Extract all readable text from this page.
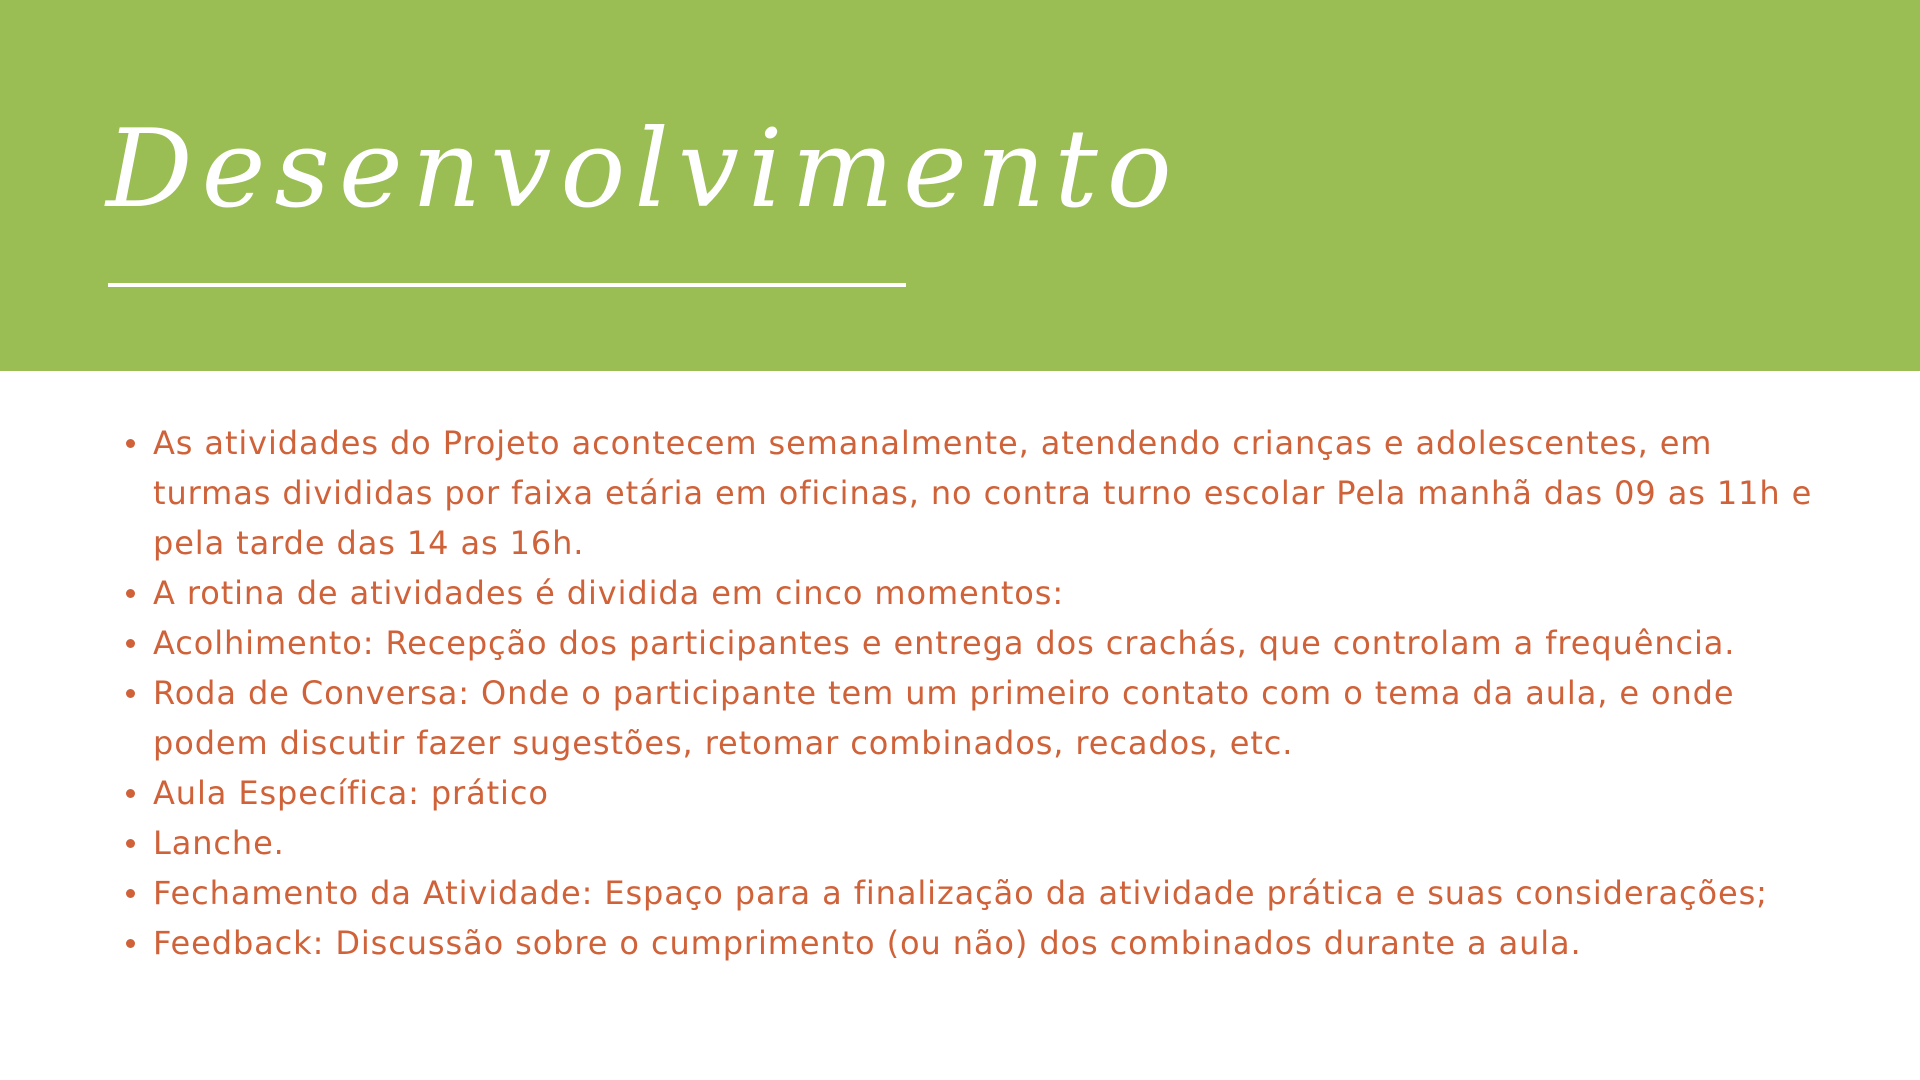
Desenvolvimento
As atividades do Projeto acontecem semanalmente, atendendo crianças e adolescentes, em turmas divididas por faixa etária em oficinas, no contra turno escolar Pela manhã das 09 as 11h e pela tarde das 14 as 16h.
A rotina de atividades é dividida em cinco momentos:
Acolhimento: Recepção dos participantes e entrega dos crachás, que controlam a frequência.
Roda de Conversa: Onde o participante tem um primeiro contato com o tema da aula, e onde podem discutir fazer sugestões, retomar combinados, recados, etc.
Aula Específica: prático
Lanche.
Fechamento da Atividade: Espaço para a finalização da atividade prática e suas considerações;
Feedback: Discussão sobre o cumprimento (ou não) dos combinados durante a aula.
